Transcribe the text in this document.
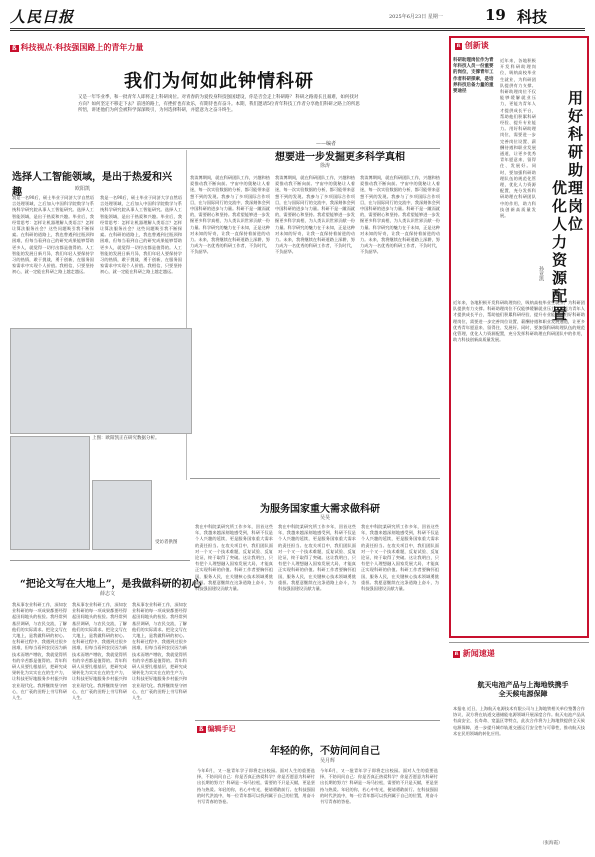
人民日报	2025年6月23日 星期一	19 科技
ß 科技视点·科技强国路上的青年力量
我们为何如此钟情科研
又是一年毕业季，和一批青年人即将走上科研岗位。对青春的为爱投身科技强国建设，你是否会走上科研路？ 科研之路漫长且艰难，如何找对方向？如何坚定不移走下去？前进的路上，有挫折也有欢乐，有期待也有奋斗。本期，我们邀请5位青年科技工作者分享他们科研之路上的所思所悟，讲述他们为何会被科学深深吸引，为何选择科研，并愿意为之奋斗终生。
——编者
选择人工智能领域，是出于热爱和兴趣	欧阳凯
我是一名90后，硕士毕业于同济大学自然语言处理领域，之后加入中国科学院数学与系统科学研究院从事人工智能研究。选择人工智能领域，是出于热爱和兴趣。毕业后，我经常思考：怎样让机器理解人类语言？怎样让算法服务社会？这些问题吸引我不断探索。在科研的道路上，我也曾遇到过瓶颈和困难，但每当看到自己的研究成果能够帮助更多人，就觉得一切付出都是值得的。人工智能的发展日新月异，我们年轻人要保持学习的热情，敢于挑战，勇于创新，在服务国家需求中实现个人价值。我相信，只要坚持初心，就一定能在科研之路上越走越远。
我是一名90后，硕士毕业于同济大学自然语言处理领域，之后加入中国科学院数学与系统科学研究院从事人工智能研究。选择人工智能领域，是出于热爱和兴趣。毕业后，我经常思考：怎样让机器理解人类语言？怎样让算法服务社会？这些问题吸引我不断探索。在科研的道路上，我也曾遇到过瓶颈和困难，但每当看到自己的研究成果能够帮助更多人，就觉得一切付出都是值得的。人工智能的发展日新月异，我们年轻人要保持学习的热情，敢于挑战，勇于创新，在服务国家需求中实现个人价值。我相信，只要坚持初心，就一定能在科研之路上越走越远。
想要进一步发掘更多科学真相
徐涛
我读博期间，就在科研团队工作，兴趣和热爱推动我不断向前。宇宙中的奥秘让人着迷，每一次实验数据的分析，都可能带来意想不到的发现。我参与了多项国际合作项目，在与国际同行的交流中，我深刻体会到中国科研的进步与力量。科研不是一蹴而就的，需要耐心和坚持。我希望能够进一步发掘更多科学真相，为人类认识世界贡献一份力量。科学研究的魅力在于未知，正是这种对未知的好奇，让我一直保持着前进的动力。未来，我将继续在科研道路上深耕，努力成为一名优秀的科研工作者，不负时代，不负韶华。
我读博期间，就在科研团队工作，兴趣和热爱推动我不断向前。宇宙中的奥秘让人着迷，每一次实验数据的分析，都可能带来意想不到的发现。我参与了多项国际合作项目，在与国际同行的交流中，我深刻体会到中国科研的进步与力量。科研不是一蹴而就的，需要耐心和坚持。我希望能够进一步发掘更多科学真相，为人类认识世界贡献一份力量。科学研究的魅力在于未知，正是这种对未知的好奇，让我一直保持着前进的动力。未来，我将继续在科研道路上深耕，努力成为一名优秀的科研工作者，不负时代，不负韶华。
我读博期间，就在科研团队工作，兴趣和热爱推动我不断向前。宇宙中的奥秘让人着迷，每一次实验数据的分析，都可能带来意想不到的发现。我参与了多项国际合作项目，在与国际同行的交流中，我深刻体会到中国科研的进步与力量。科研不是一蹴而就的，需要耐心和坚持。我希望能够进一步发掘更多科学真相，为人类认识世界贡献一份力量。科学研究的魅力在于未知，正是这种对未知的好奇，让我一直保持着前进的动力。未来，我将继续在科研道路上深耕，努力成为一名优秀的科研工作者，不负时代，不负韶华。
上图：欧阳凯正在研究数据分析。
受访者供图
为服务国家重大需求做科研
吴昊
我在中科院某研究所工作多年，回首这些年，我越来越深刻地感受到，科研不仅是个人兴趣的延续，更是服务国家重大需求的责任担当。在攻关项目中，我们团队面对一个又一个技术难题，反复试验、反复论证，终于取得了突破。这让我明白，只有把个人理想融入国家发展大局，才能真正实现科研的价值。科研工作者要胸怀祖国，服务人民，在关键核心技术领域勇挑重担。我愿意继续在这条道路上奋斗，为科技强国建设贡献力量。
我在中科院某研究所工作多年，回首这些年，我越来越深刻地感受到，科研不仅是个人兴趣的延续，更是服务国家重大需求的责任担当。在攻关项目中，我们团队面对一个又一个技术难题，反复试验、反复论证，终于取得了突破。这让我明白，只有把个人理想融入国家发展大局，才能真正实现科研的价值。科研工作者要胸怀祖国，服务人民，在关键核心技术领域勇挑重担。我愿意继续在这条道路上奋斗，为科技强国建设贡献力量。
我在中科院某研究所工作多年，回首这些年，我越来越深刻地感受到，科研不仅是个人兴趣的延续，更是服务国家重大需求的责任担当。在攻关项目中，我们团队面对一个又一个技术难题，反复试验、反复论证，终于取得了突破。这让我明白，只有把个人理想融入国家发展大局，才能真正实现科研的价值。科研工作者要胸怀祖国，服务人民，在关键核心技术领域勇挑重担。我愿意继续在这条道路上奋斗，为科技强国建设贡献力量。
“把论文写在大地上”，是我做科研的初心
薛志文
我从事农业科研工作，深知农业科研的每一项成果都要经得起田间地头的检验。我经常到基层调研，与农民交流，了解他们的实际需求。把论文写在大地上，是我做科研的初心。在科研过程中，我遇到过很多困难，但每当看到农民因为新技术而增产增收，我就觉得所有的辛苦都是值得的。青年科研人员要扎根基层，把研究成果转化为实实在在的生产力，让科技更好地服务乡村振兴和农业现代化。我将继续坚守初心，在广袤的田野上书写科研人生。
我从事农业科研工作，深知农业科研的每一项成果都要经得起田间地头的检验。我经常到基层调研，与农民交流，了解他们的实际需求。把论文写在大地上，是我做科研的初心。在科研过程中，我遇到过很多困难，但每当看到农民因为新技术而增产增收，我就觉得所有的辛苦都是值得的。青年科研人员要扎根基层，把研究成果转化为实实在在的生产力，让科技更好地服务乡村振兴和农业现代化。我将继续坚守初心，在广袤的田野上书写科研人生。
我从事农业科研工作，深知农业科研的每一项成果都要经得起田间地头的检验。我经常到基层调研，与农民交流，了解他们的实际需求。把论文写在大地上，是我做科研的初心。在科研过程中，我遇到过很多困难，但每当看到农民因为新技术而增产增收，我就觉得所有的辛苦都是值得的。青年科研人员要扎根基层，把研究成果转化为实实在在的生产力，让科技更好地服务乡村振兴和农业现代化。我将继续坚守初心，在广袤的田野上书写科研人生。
ß 编辑手记
年轻的你，不妨问问自己
吴月辉
今年6月，又一批青年学子即将走出校园。面对人生的重要选择，不妨问问自己：你是否真正热爱科学？你是否愿意为科研付出长期的努力？科研是一场马拉松，需要的不只是天赋，更是坚持与热爱。年轻的你，若心中有光，便请勇敢前行。在科技强国的时代洪流中，每一位青年都可以找到属于自己的位置，用奋斗书写青春的答卷。
今年6月，又一批青年学子即将走出校园。面对人生的重要选择，不妨问问自己：你是否真正热爱科学？你是否愿意为科研付出长期的努力？科研是一场马拉松，需要的不只是天赋，更是坚持与热爱。年轻的你，若心中有光，便请勇敢前行。在科技强国的时代洪流中，每一位青年都可以找到属于自己的位置，用奋斗书写青春的答卷。
ß 创新谈
科研助理岗位作为青年科技人员一份重要的岗位，支撑青年工作者科研探索，是培养科技后备力量的重要途径	用好科研助理岗位
优化人力资源配置
孙亚凯
近年来，各地积极开发科研助理岗位，吸纳高校毕业生就业，为科研团队提供有力支撑。科研助理岗位不仅能够缓解就业压力，更能为青年人才提供成长平台，帮助他们积累科研经验、提升专业能力。用好科研助理岗位，需要进一步完善岗位设置、薪酬待遇和职业发展通道，让更多优秀青年愿意来、留得住、发展好。同时，要加强科研助理队伍的规范化管理，优化人力资源配置，充分发挥科研助理在科研团队中的作用，助力科技创新高质量发展。
近年来，各地积极开发科研助理岗位，吸纳高校毕业生就业，为科研团队提供有力支撑。科研助理岗位不仅能够缓解就业压力，更能为青年人才提供成长平台，帮助他们积累科研经验、提升专业能力。用好科研助理岗位，需要进一步完善岗位设置、薪酬待遇和职业发展通道，让更多优秀青年愿意来、留得住、发展好。同时，要加强科研助理队伍的规范化管理，优化人力资源配置，充分发挥科研助理在科研团队中的作用，助力科技创新高质量发展。
ß 新闻速递
航天电池产品与上海地铁携手
全天候电源保障
本报电 近日，上海航天电源技术有限公司与上海地铁相关单位签署合作协议，双方将在轨道交通储能电源领域开展深度合作。航天电池产品具有高安全、长寿命、宽温区等特点，此次合作将为上海地铁提供全天候电源保障，进一步提升城市轨道交通运行安全性与可靠性，推动航天技术在民用领域的转化应用。
（张海霞）
